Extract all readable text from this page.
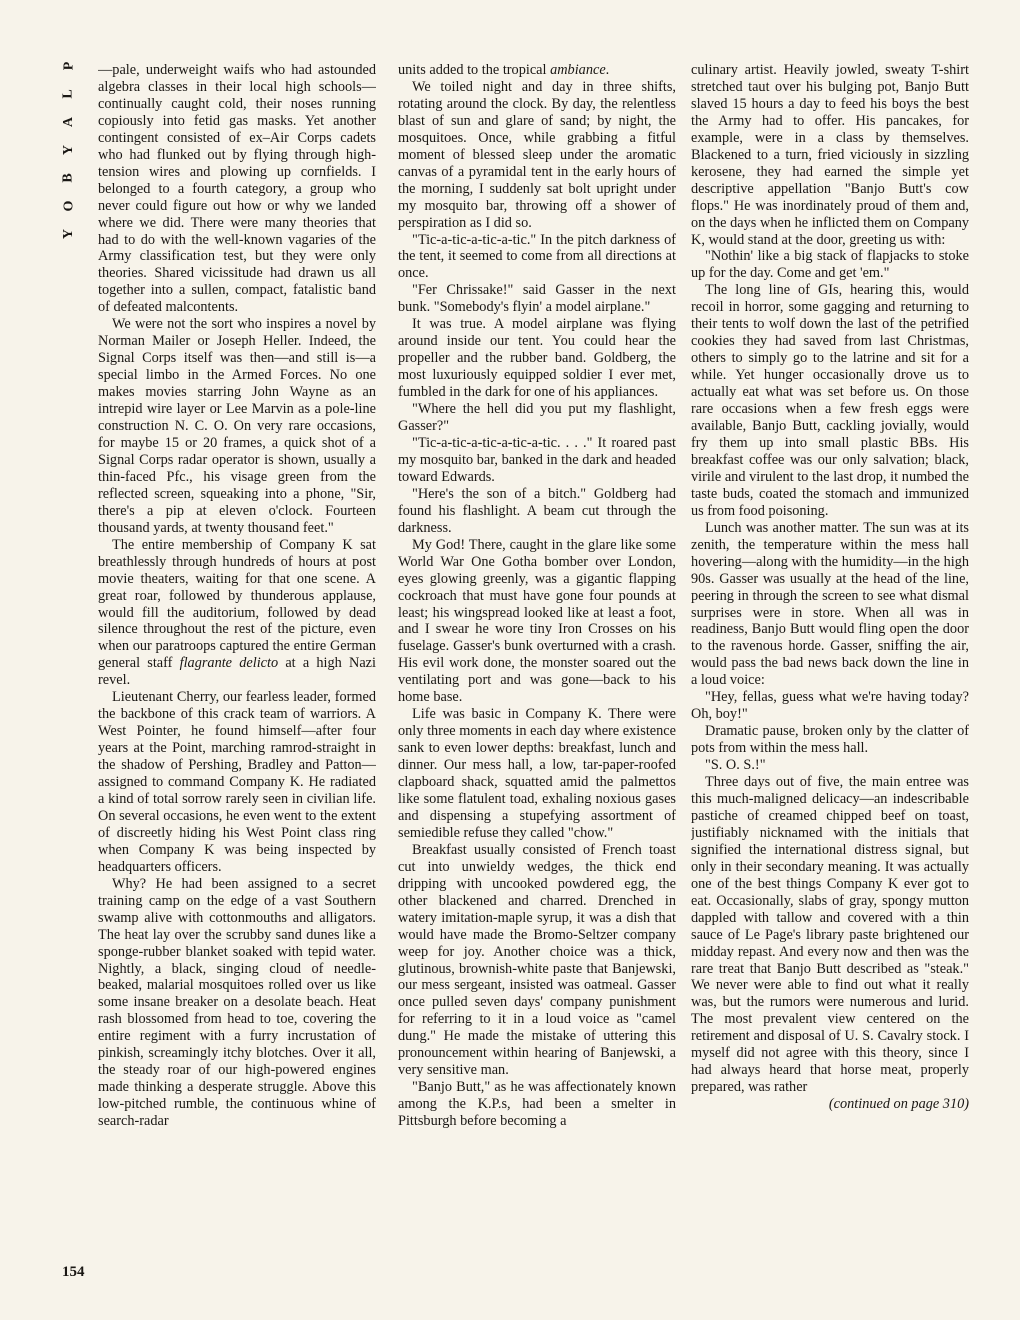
P
L
A
Y
B
O
Y
154

—pale, underweight waifs who had astounded algebra classes in their local high schools—continually caught cold, their noses running copiously into fetid gas masks. Yet another contingent consisted of ex–Air Corps cadets who had flunked out by flying through high-tension wires and plowing up cornfields. I belonged to a fourth category, a group who never could figure out how or why we landed where we did. There were many theories that had to do with the well-known vagaries of the Army classification test, but they were only theories. Shared vicissitude had drawn us all together into a sullen, compact, fatalistic band of defeated malcontents.

We were not the sort who inspires a novel by Norman Mailer or Joseph Heller. Indeed, the Signal Corps itself was then—and still is—a special limbo in the Armed Forces. No one makes movies starring John Wayne as an intrepid wire layer or Lee Marvin as a pole-line construction N. C. O. On very rare occasions, for maybe 15 or 20 frames, a quick shot of a Signal Corps radar operator is shown, usually a thin-faced Pfc., his visage green from the reflected screen, squeaking into a phone, "Sir, there's a pip at eleven o'clock. Fourteen thousand yards, at twenty thousand feet."

The entire membership of Company K sat breathlessly through hundreds of hours at post movie theaters, waiting for that one scene. A great roar, followed by thunderous applause, would fill the auditorium, followed by dead silence throughout the rest of the picture, even when our paratroops captured the entire German general staff flagrante delicto at a high Nazi revel.

Lieutenant Cherry, our fearless leader, formed the backbone of this crack team of warriors. A West Pointer, he found himself—after four years at the Point, marching ramrod-straight in the shadow of Pershing, Bradley and Patton—assigned to command Company K. He radiated a kind of total sorrow rarely seen in civilian life. On several occasions, he even went to the extent of discreetly hiding his West Point class ring when Company K was being inspected by headquarters officers.

Why? He had been assigned to a secret training camp on the edge of a vast Southern swamp alive with cottonmouths and alligators. The heat lay over the scrubby sand dunes like a sponge-rubber blanket soaked with tepid water. Nightly, a black, singing cloud of needle-beaked, malarial mosquitoes rolled over us like some insane breaker on a desolate beach. Heat rash blossomed from head to toe, covering the entire regiment with a furry incrustation of pinkish, screamingly itchy blotches. Over it all, the steady roar of our high-powered engines made thinking a desperate struggle. Above this low-pitched rumble, the continuous whine of search-radar

units added to the tropical ambiance.

We toiled night and day in three shifts, rotating around the clock. By day, the relentless blast of sun and glare of sand; by night, the mosquitoes. Once, while grabbing a fitful moment of blessed sleep under the aromatic canvas of a pyramidal tent in the early hours of the morning, I suddenly sat bolt upright under my mosquito bar, throwing off a shower of perspiration as I did so.

"Tic-a-tic-a-tic-a-tic." In the pitch darkness of the tent, it seemed to come from all directions at once.

"Fer Chrissake!" said Gasser in the next bunk. "Somebody's flyin' a model airplane."

It was true. A model airplane was flying around inside our tent. You could hear the propeller and the rubber band. Goldberg, the most luxuriously equipped soldier I ever met, fumbled in the dark for one of his appliances.

"Where the hell did you put my flashlight, Gasser?"

"Tic-a-tic-a-tic-a-tic-a-tic. . . ." It roared past my mosquito bar, banked in the dark and headed toward Edwards.

"Here's the son of a bitch." Goldberg had found his flashlight. A beam cut through the darkness.

My God! There, caught in the glare like some World War One Gotha bomber over London, eyes glowing greenly, was a gigantic flapping cockroach that must have gone four pounds at least; his wingspread looked like at least a foot, and I swear he wore tiny Iron Crosses on his fuselage. Gasser's bunk overturned with a crash. His evil work done, the monster soared out the ventilating port and was gone—back to his home base.

Life was basic in Company K. There were only three moments in each day where existence sank to even lower depths: breakfast, lunch and dinner. Our mess hall, a low, tar-paper-roofed clapboard shack, squatted amid the palmettos like some flatulent toad, exhaling noxious gases and dispensing a stupefying assortment of semiedible refuse they called "chow."

Breakfast usually consisted of French toast cut into unwieldy wedges, the thick end dripping with uncooked powdered egg, the other blackened and charred. Drenched in watery imitation-maple syrup, it was a dish that would have made the Bromo-Seltzer company weep for joy. Another choice was a thick, glutinous, brownish-white paste that Banjewski, our mess sergeant, insisted was oatmeal. Gasser once pulled seven days' company punishment for referring to it in a loud voice as "camel dung." He made the mistake of uttering this pronouncement within hearing of Banjewski, a very sensitive man.

"Banjo Butt," as he was affectionately known among the K.P.s, had been a smelter in Pittsburgh before becoming a

culinary artist. Heavily jowled, sweaty T-shirt stretched taut over his bulging pot, Banjo Butt slaved 15 hours a day to feed his boys the best the Army had to offer. His pancakes, for example, were in a class by themselves. Blackened to a turn, fried viciously in sizzling kerosene, they had earned the simple yet descriptive appellation "Banjo Butt's cow flops." He was inordinately proud of them and, on the days when he inflicted them on Company K, would stand at the door, greeting us with:

"Nothin' like a big stack of flapjacks to stoke up for the day. Come and get 'em."

The long line of GIs, hearing this, would recoil in horror, some gagging and returning to their tents to wolf down the last of the petrified cookies they had saved from last Christmas, others to simply go to the latrine and sit for a while. Yet hunger occasionally drove us to actually eat what was set before us. On those rare occasions when a few fresh eggs were available, Banjo Butt, cackling jovially, would fry them up into small plastic BBs. His breakfast coffee was our only salvation; black, virile and virulent to the last drop, it numbed the taste buds, coated the stomach and immunized us from food poisoning.

Lunch was another matter. The sun was at its zenith, the temperature within the mess hall hovering—along with the humidity—in the high 90s. Gasser was usually at the head of the line, peering in through the screen to see what dismal surprises were in store. When all was in readiness, Banjo Butt would fling open the door to the ravenous horde. Gasser, sniffing the air, would pass the bad news back down the line in a loud voice:

"Hey, fellas, guess what we're having today? Oh, boy!"

Dramatic pause, broken only by the clatter of pots from within the mess hall.

"S. O. S.!"

Three days out of five, the main entree was this much-maligned delicacy—an indescribable pastiche of creamed chipped beef on toast, justifiably nicknamed with the initials that signified the international distress signal, but only in their secondary meaning. It was actually one of the best things Company K ever got to eat. Occasionally, slabs of gray, spongy mutton dappled with tallow and covered with a thin sauce of Le Page's library paste brightened our midday repast. And every now and then was the rare treat that Banjo Butt described as "steak." We never were able to find out what it really was, but the rumors were numerous and lurid. The most prevalent view centered on the retirement and disposal of U. S. Cavalry stock. I myself did not agree with this theory, since I had always heard that horse meat, properly prepared, was rather

(continued on page 310)
